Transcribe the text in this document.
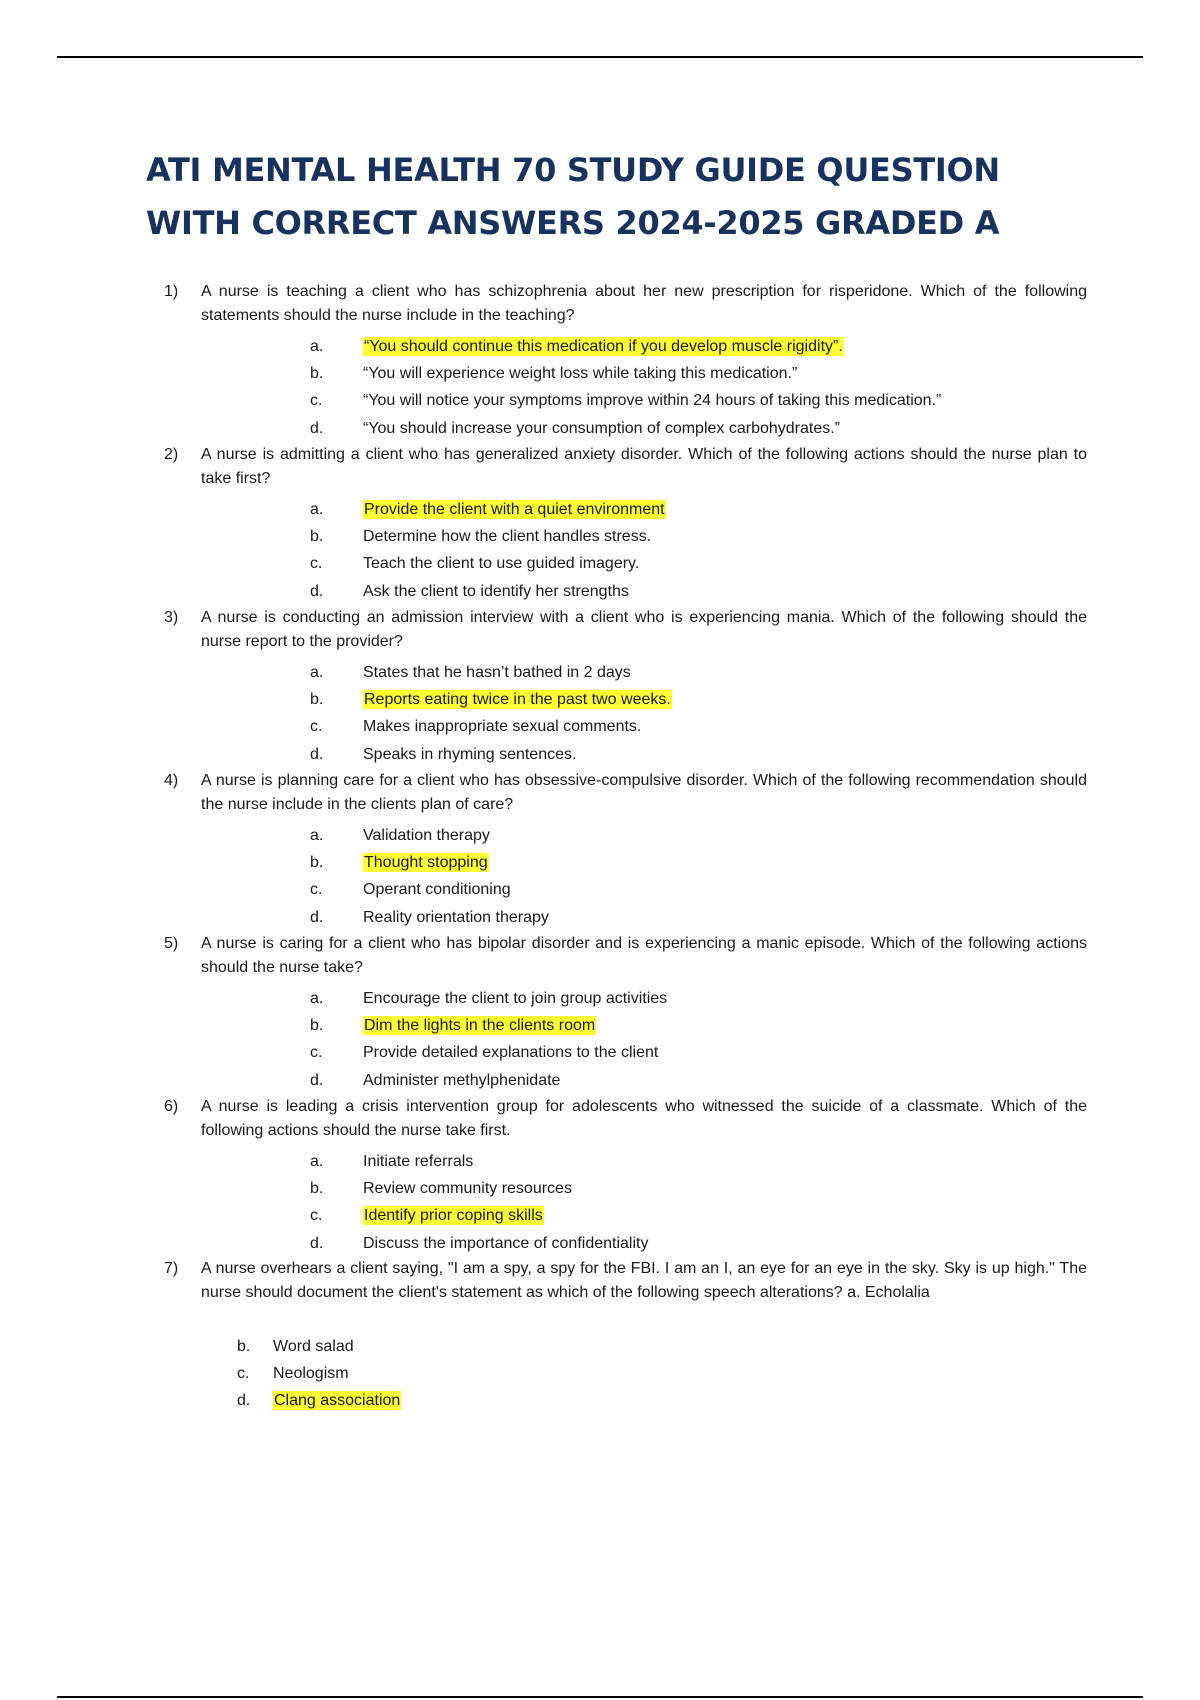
ATI MENTAL HEALTH 70 STUDY GUIDE QUESTION WITH CORRECT ANSWERS 2024-2025 GRADED A
1) A nurse is teaching a client who has schizophrenia about her new prescription for risperidone. Which of the following statements should the nurse include in the teaching?

a.	“You should continue this medication if you develop muscle rigidity”.
b. “You will experience weight loss while taking this medication.”
c.	“You will notice your symptoms improve within 24 hours of taking this medication.”
d. “You should increase your consumption of complex carbohydrates.”
2) A nurse is admitting a client who has generalized anxiety disorder. Which of the following actions should the nurse plan to take first?

a.	Provide the client with a quiet environment
b. Determine how the client handles stress.
c.	Teach the client to use guided imagery.
d. Ask the client to identify her strengths
3) A nurse is conducting an admission interview with a client who is experiencing mania. Which of the following should the nurse report to the provider?

a. States that he hasn’t bathed in 2 days
b.	Reports eating twice in the past two weeks.
c.	Makes inappropriate sexual comments.
d. Speaks in rhyming sentences.
4) A nurse is planning care for a client who has obsessive-compulsive disorder. Which of the following recommendation should the nurse include in the clients plan of care?

a. Validation therapy
b.	Thought stopping
c.	Operant conditioning
d. Reality orientation therapy
5) A nurse is caring for a client who has bipolar disorder and is experiencing a manic episode. Which of the following actions should the nurse take?

a. Encourage the client to join group activities
b.	Dim the lights in the clients room
c.	Provide detailed explanations to the client
d. Administer methylphenidate
6) A nurse is leading a crisis intervention group for adolescents who witnessed the suicide of a classmate. Which of the following actions should the nurse take first.

a. Initiate referrals
b. Review community resources
c.	Identify prior coping skills
d. Discuss the importance of confidentiality
7) A nurse overhears a client saying, "I am a spy, a spy for the FBI. I am an I, an eye for an eye in the sky. Sky is up high." The nurse should document the client's statement as which of the following speech alterations? a. Echolalia

b. Word salad
c. Neologism
d. Clang association
